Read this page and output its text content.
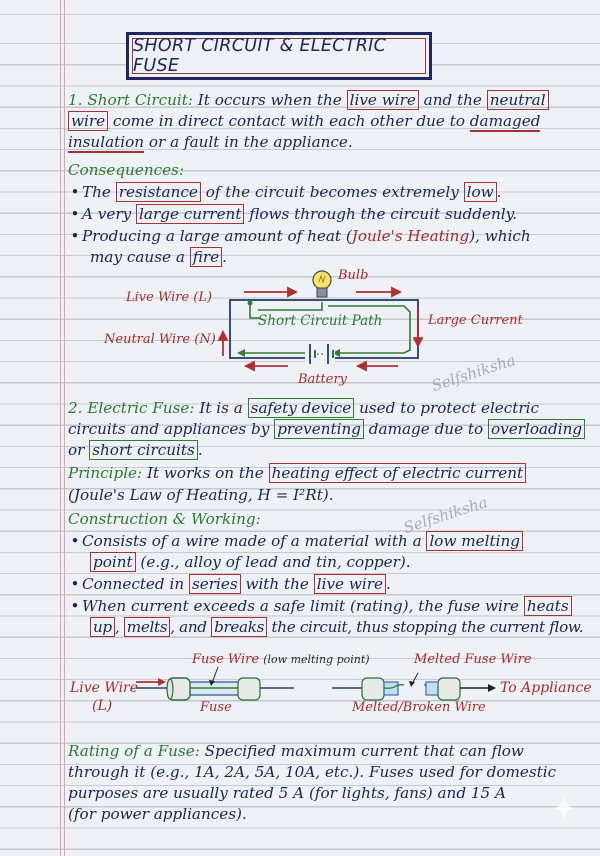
SHORT CIRCUIT & ELECTRIC FUSE
1. Short Circuit: It occurs when the live wire and the neutral
wire come in direct contact with each other due to damaged
insulation or a fault in the appliance.
Consequences:
• The resistance of the circuit becomes extremely low .
• A very large current flows through the circuit suddenly.
• Producing a large amount of heat (Joule's Heating), which
may cause a fire .
Bulb
Live Wire (L)
Short Circuit Path	Large Current
Neutral Wire (N)
Battery	Selfshiksha
2. Electric Fuse: It is a safety device used to protect electric
circuits and appliances by preventing damage due to overloading
or short circuits .
Principle: It works on the heating effect of electric current
(Joule's Law of Heating, H = I²Rt).	Selfshiksha
Construction & Working:
• Consists of a wire made of a material with a low melting
point (e.g., alloy of lead and tin, copper).
• Connected in series with the live wire .
• When current exceeds a safe limit (rating), the fuse wire heats
up , melts , and breaks the circuit, thus stopping the current flow.
Fuse Wire (low melting point)	Melted Fuse Wire
Live Wire
(L)
To Appliance
Fuse	Melted/Broken Wire
Rating of a Fuse: Specified maximum current that can flow
through it (e.g., 1A, 2A, 5A, 10A, etc.). Fuses used for domestic
purposes are usually rated 5 A (for lights, fans) and 15 A
(for power appliances).
